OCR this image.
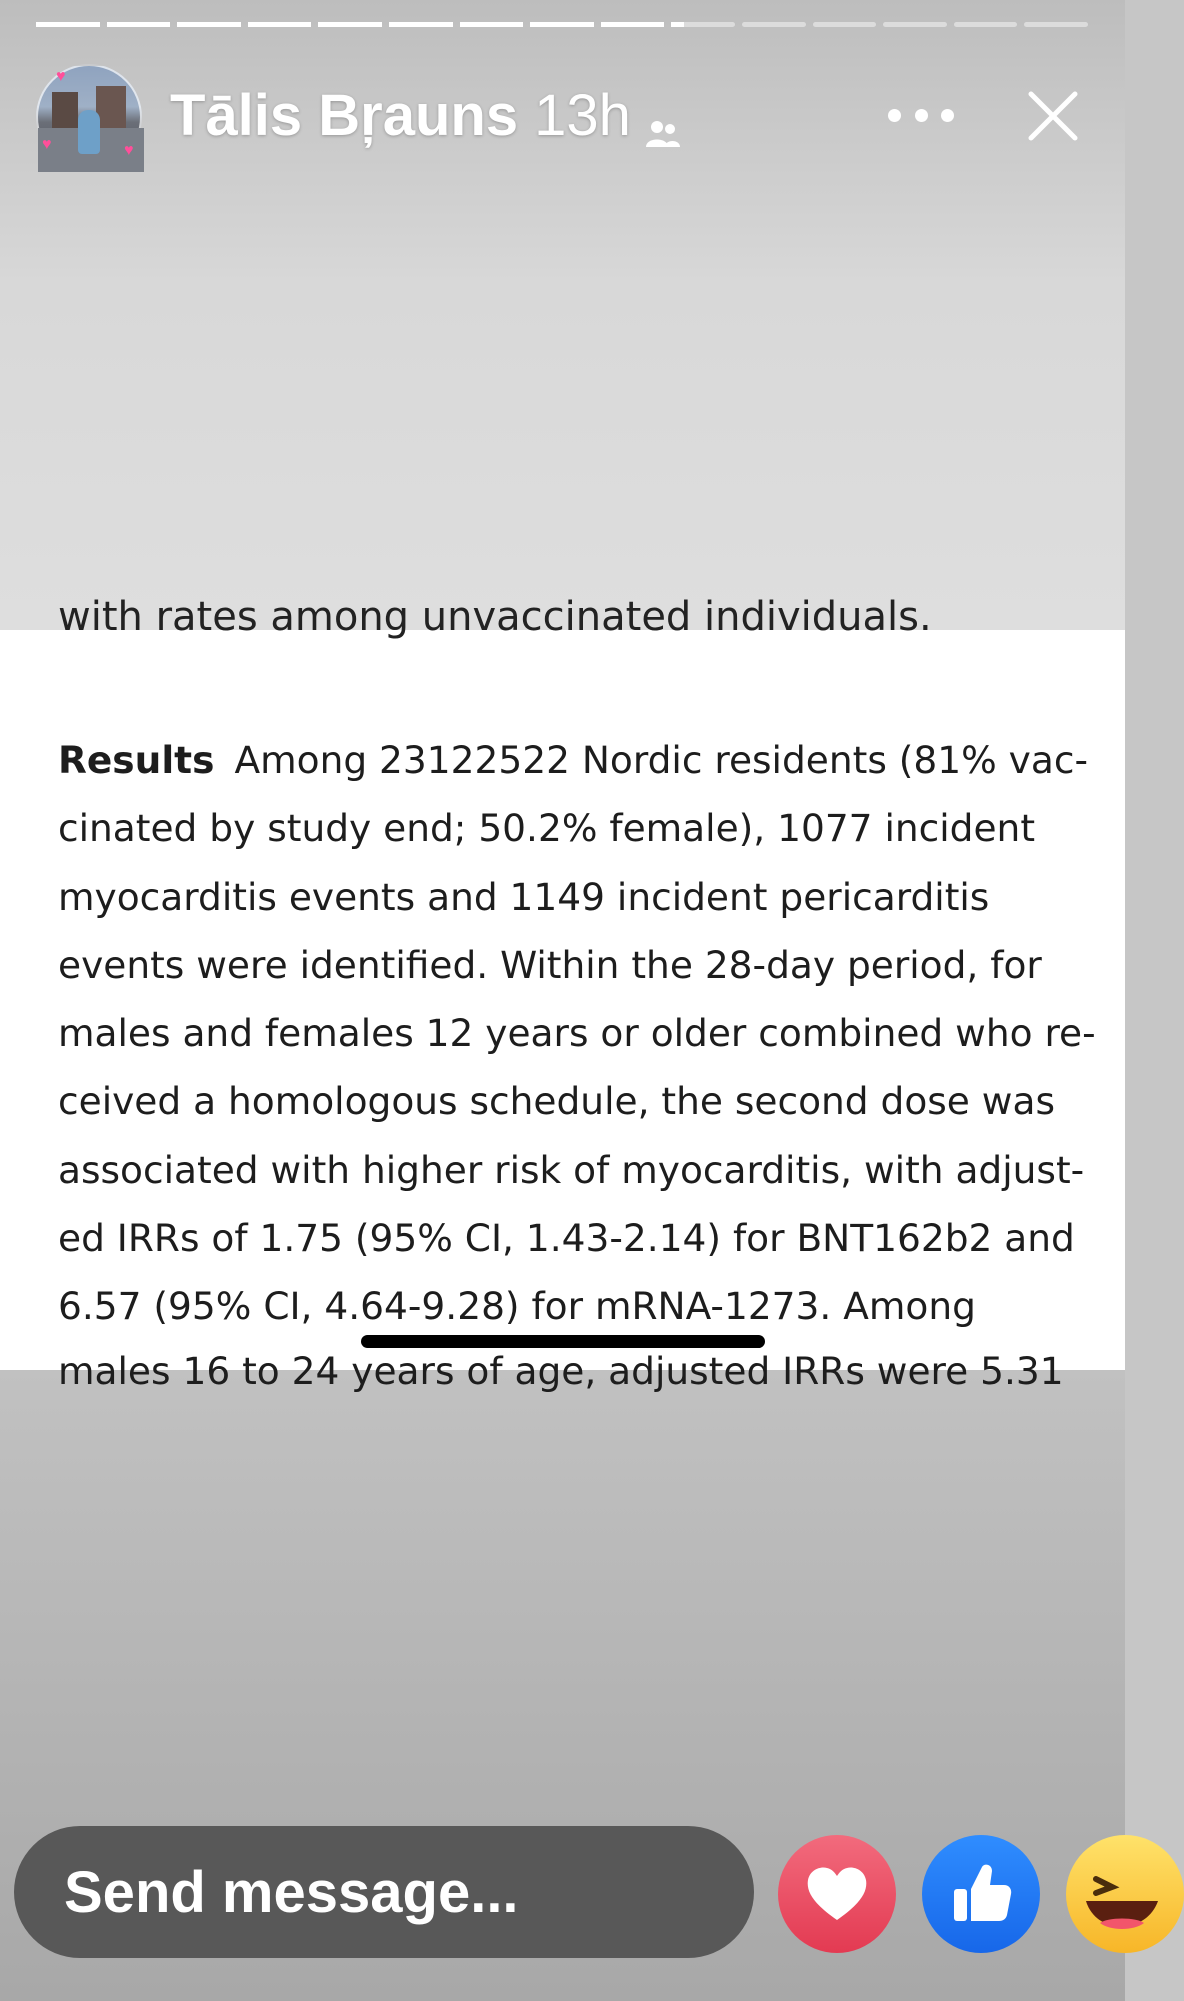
♥
♥	♥
Tālis Bŗauns 13h
with rates among unvaccinated individuals.
Results Among 23122522 Nordic residents (81% vac-
cinated by study end; 50.2% female), 1077 incident
myocarditis events and 1149 incident pericarditis
events were identified. Within the 28-day period, for
males and females 12 years or older combined who re-
ceived a homologous schedule, the second dose was
associated with higher risk of myocarditis, with adjust-
ed IRRs of 1.75 (95% CI, 1.43-2.14) for BNT162b2 and
6.57 (95% CI, 4.64-9.28) for mRNA-1273. Among
males 16 to 24 years of age, adjusted IRRs were 5.31
Send message...
